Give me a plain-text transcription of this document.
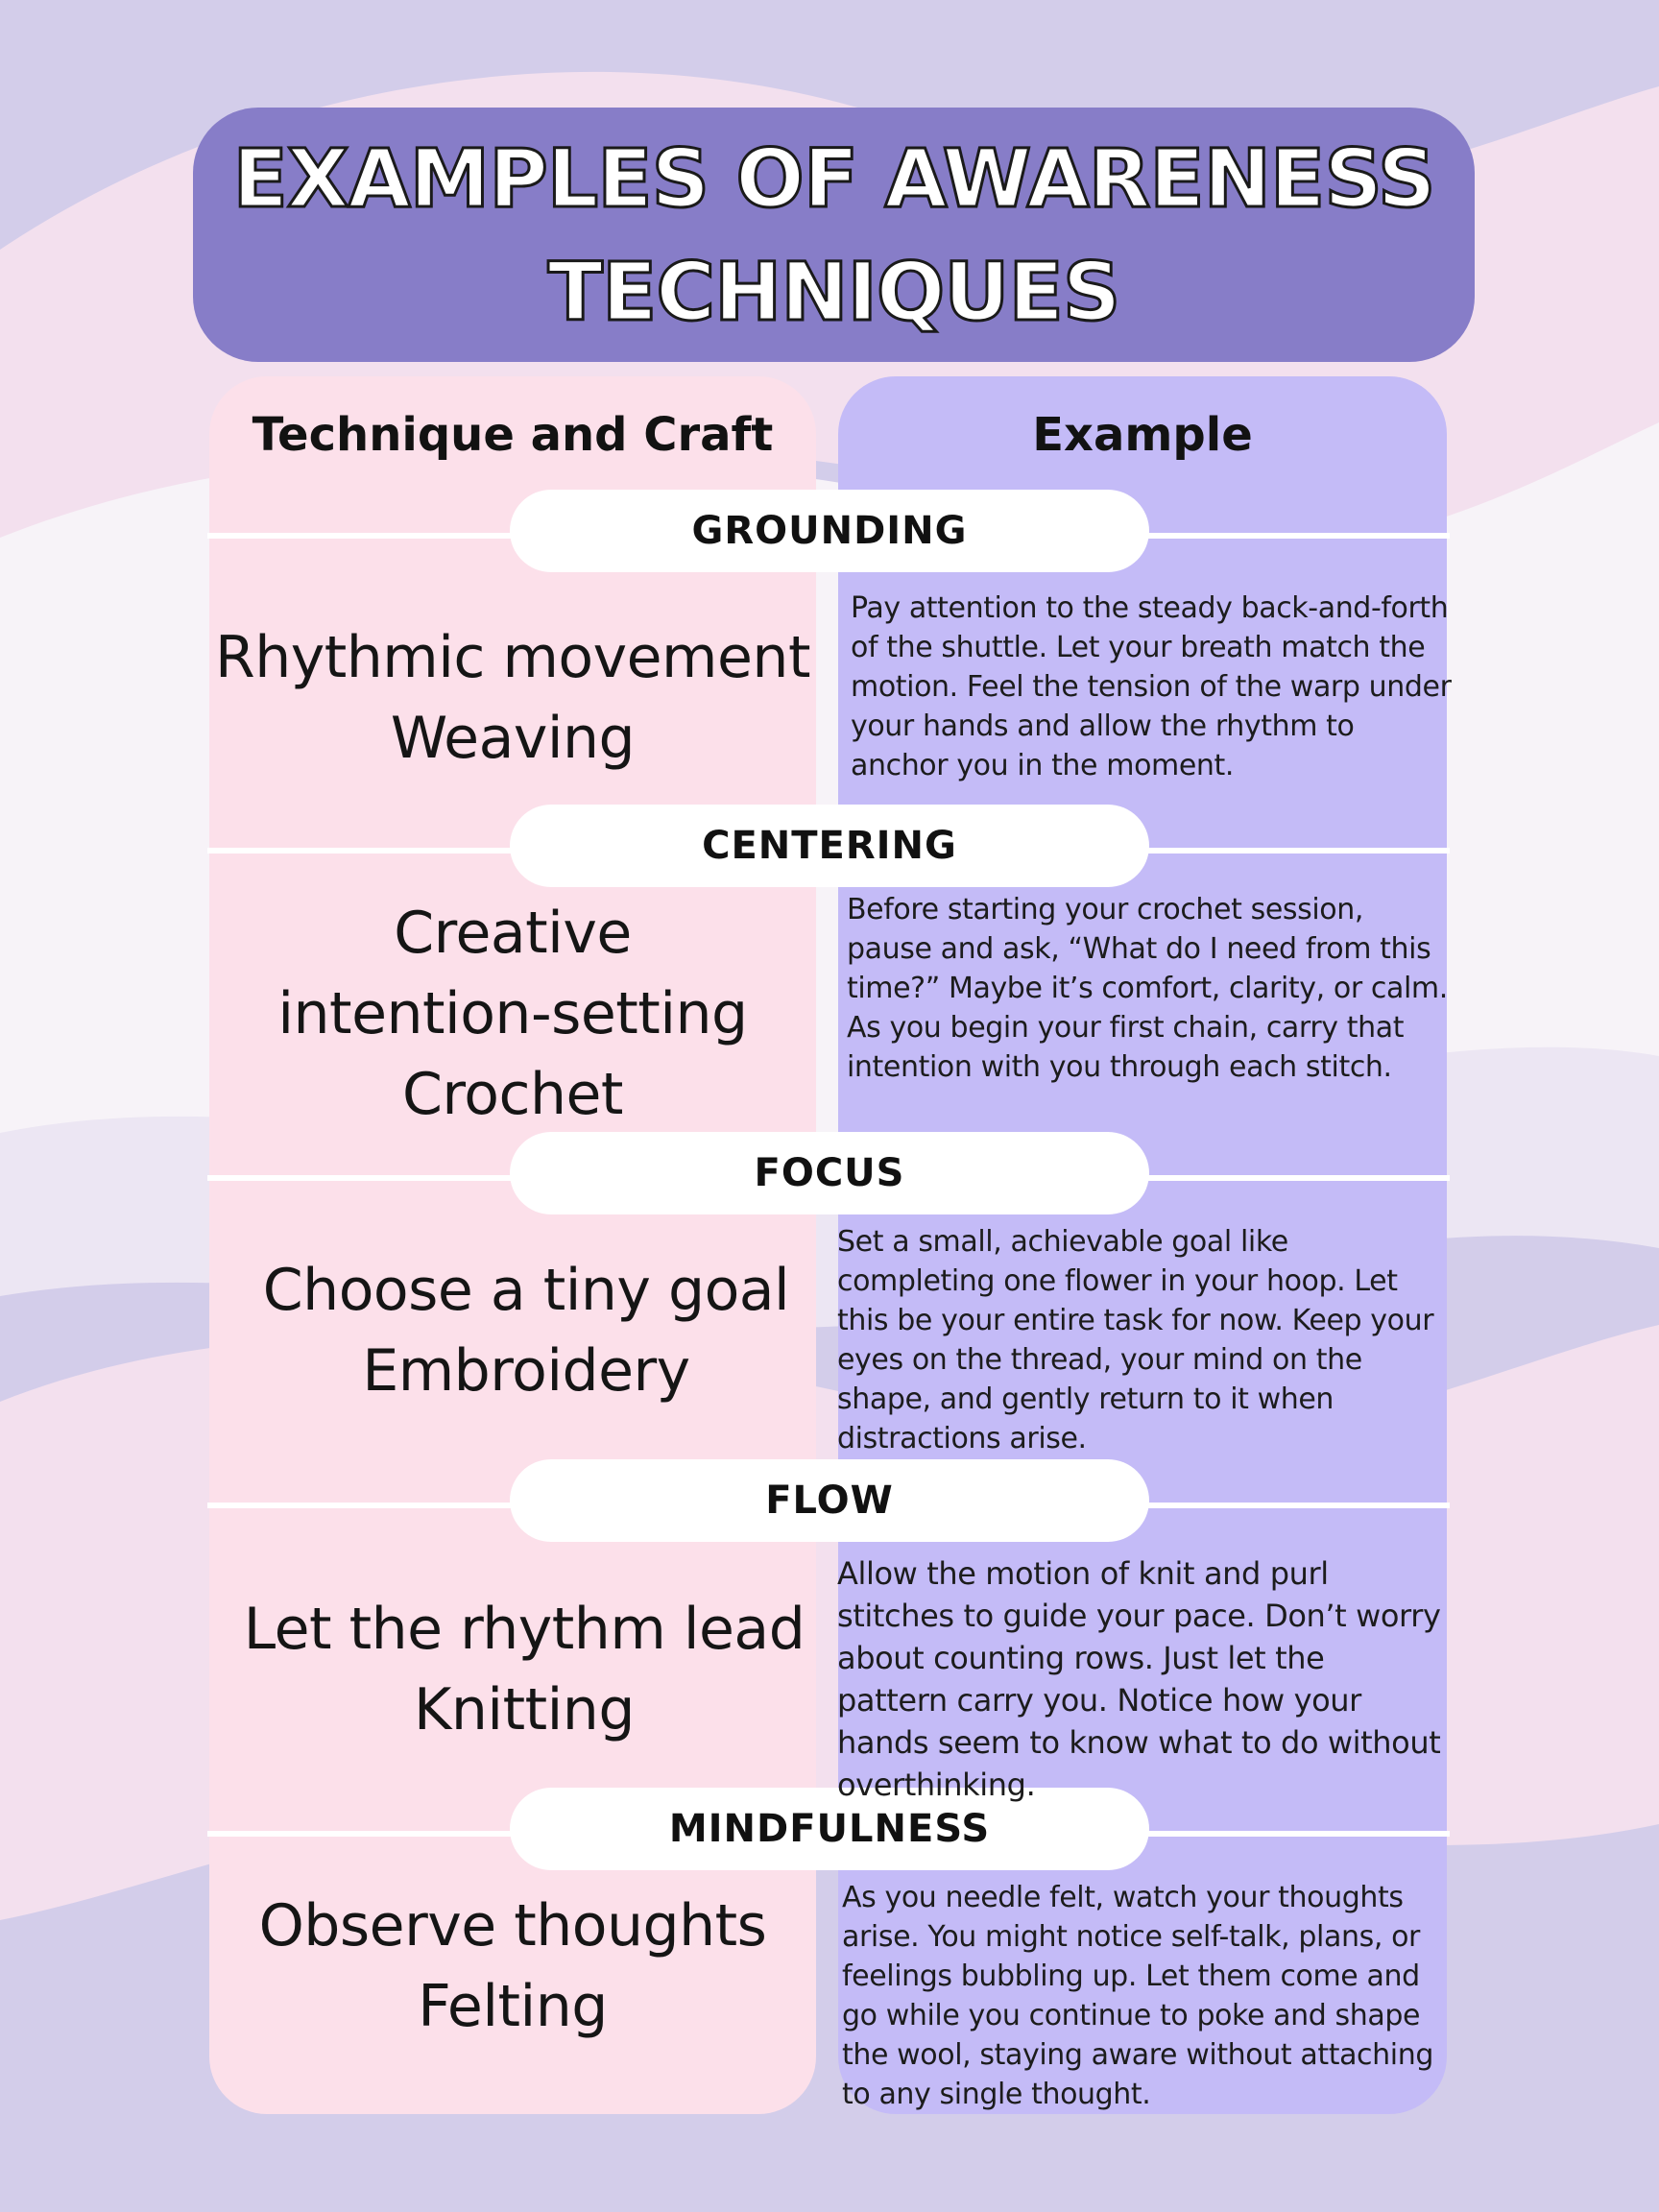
EXAMPLES OF AWARENESS
TECHNIQUES
Technique and Craft	Example
GROUNDING
CENTERING
FOCUS
FLOW
MINDFULNESS
Rhythmic movement
Weaving
Pay attention to the steady back-and-forth of the shuttle. Let your breath match the motion. Feel the tension of the warp under your hands and allow the rhythm to anchor you in the moment.
Creative
intention-setting
Crochet
Before starting your crochet session, pause and ask, “What do I need from this time?” Maybe it’s comfort, clarity, or calm. As you begin your first chain, carry that intention with you through each stitch.
Choose a tiny goal
Embroidery
Set a small, achievable goal like completing one flower in your hoop. Let this be your entire task for now. Keep your eyes on the thread, your mind on the shape, and gently return to it when distractions arise.
Let the rhythm lead
Knitting
Allow the motion of knit and purl stitches to guide your pace. Don’t worry about counting rows. Just let the pattern carry you. Notice how your hands seem to know what to do without overthinking.
Observe thoughts
Felting
As you needle felt, watch your thoughts arise. You might notice self-talk, plans, or feelings bubbling up. Let them come and go while you continue to poke and shape the wool, staying aware without attaching to any single thought.
